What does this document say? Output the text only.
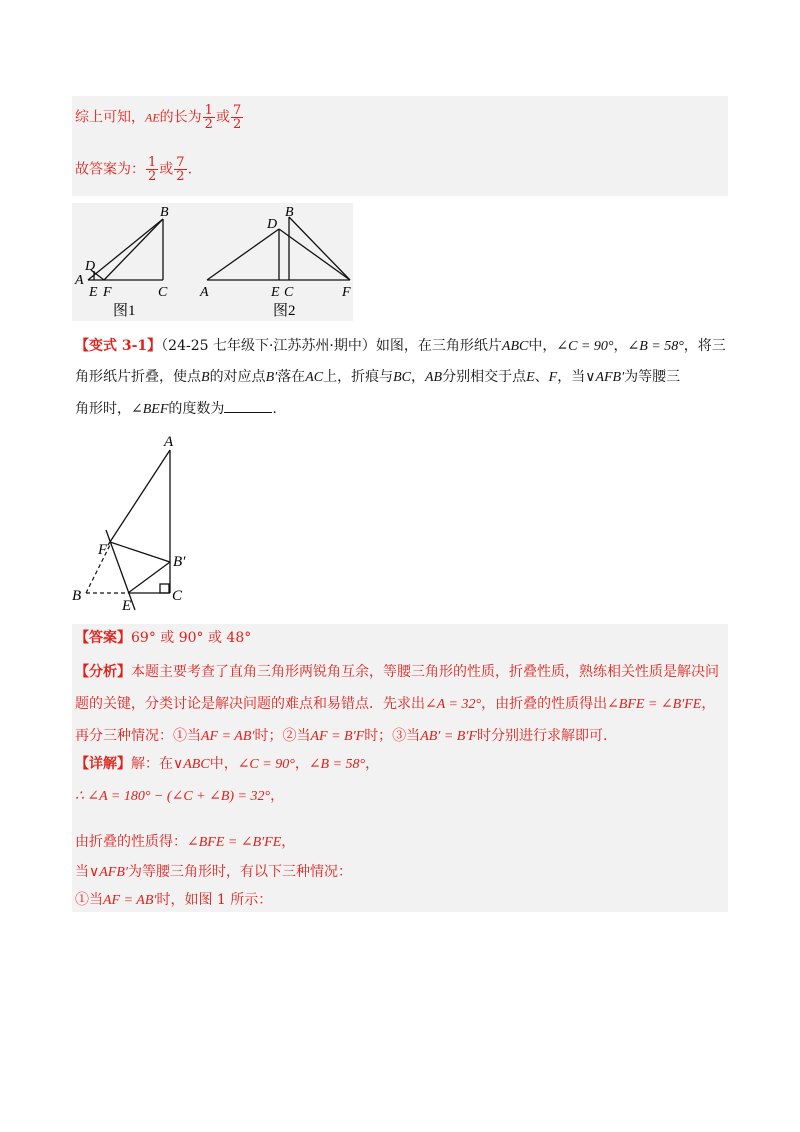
综上可知，AE的长为 $\frac{1}{2}$ 或 $\frac{7}{2}$
故答案为： $\frac{1}{2}$ 或 $\frac{7}{2}$ .
B
D
A
E F	C
图1
D
B
A	E C	F
图2
【变式 3-1】（24-25 七年级下·江苏苏州·期中）如图，在三角形纸片ABC中，∠C = 90°，∠B = 58°，将三
角形纸片折叠，使点B的对应点B′落在AC上，折痕与BC，AB分别相交于点E、F，当∨AFB′为等腰三
角形时，∠BEF的度数为	.
A
F
B′
B
E
C
【答案】69° 或 90° 或 48°
【分析】本题主要考查了直角三角形两锐角互余，等腰三角形的性质，折叠性质，熟练相关性质是解决问
题的关键，分类讨论是解决问题的难点和易错点．先求出∠A = 32°，由折叠的性质得出∠BFE = ∠B′FE，
再分三种情况：①当AF = AB′时；②当AF = B′F时；③当AB′ = B′F时分别进行求解即可.
【详解】解：在∨ABC中，∠C = 90°，∠B = 58°，
∴ ∠A = 180° − (∠C + ∠B) = 32°，
由折叠的性质得：∠BFE = ∠B′FE，
当∨AFB′为等腰三角形时，有以下三种情况：
①当AF = AB′时，如图 1 所示：
